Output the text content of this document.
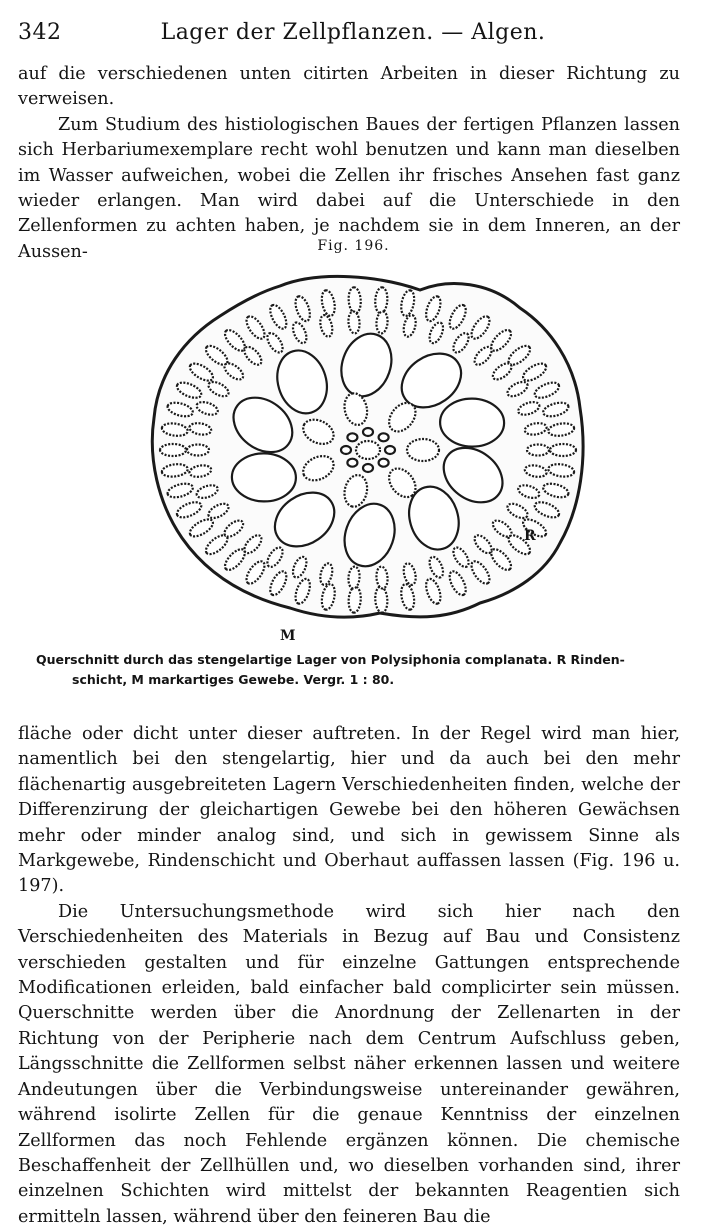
342	Lager der Zellpflanzen. — Algen.

auf die verschiedenen unten citirten Arbeiten in dieser Richtung zu verweisen.

Zum Studium des histiologischen Baues der fertigen Pflanzen lassen sich Herbariumexemplare recht wohl benutzen und kann man dieselben im Wasser aufweichen, wobei die Zellen ihr frisches Ansehen fast ganz wieder erlangen. Man wird dabei auf die Unterschiede in den Zellenformen zu achten haben, je nachdem sie in dem Inneren, an der Aussen-	Fig. 196.
R
M
Querschnitt durch das stengelartige Lager von Polysiphonia complanata. R Rinden-
schicht, M markartiges Gewebe. Vergr. 1 : 80.

fläche oder dicht unter dieser auftreten. In der Regel wird man hier, namentlich bei den stengelartig, hier und da auch bei den mehr flächenartig ausgebreiteten Lagern Verschiedenheiten finden, welche der Differenzirung der gleichartigen Gewebe bei den höheren Gewächsen mehr oder minder analog sind, und sich in gewissem Sinne als Markgewebe, Rindenschicht und Oberhaut auffassen lassen (Fig. 196 u. 197).

Die Untersuchungsmethode wird sich hier nach den Verschiedenheiten des Materials in Bezug auf Bau und Consistenz verschieden gestalten und für einzelne Gattungen entsprechende Modificationen erleiden, bald einfacher bald complicirter sein müssen. Querschnitte werden über die Anordnung der Zellenarten in der Richtung von der Peripherie nach dem Centrum Aufschluss geben, Längsschnitte die Zellformen selbst näher erkennen lassen und weitere Andeutungen über die Verbindungsweise untereinander gewähren, während isolirte Zellen für die genaue Kenntniss der einzelnen Zellformen das noch Fehlende ergänzen können. Die chemische Beschaffenheit der Zellhüllen und, wo dieselben vorhanden sind, ihrer einzelnen Schichten wird mittelst der bekannten Reagentien sich ermitteln lassen, während über den feineren Bau die
